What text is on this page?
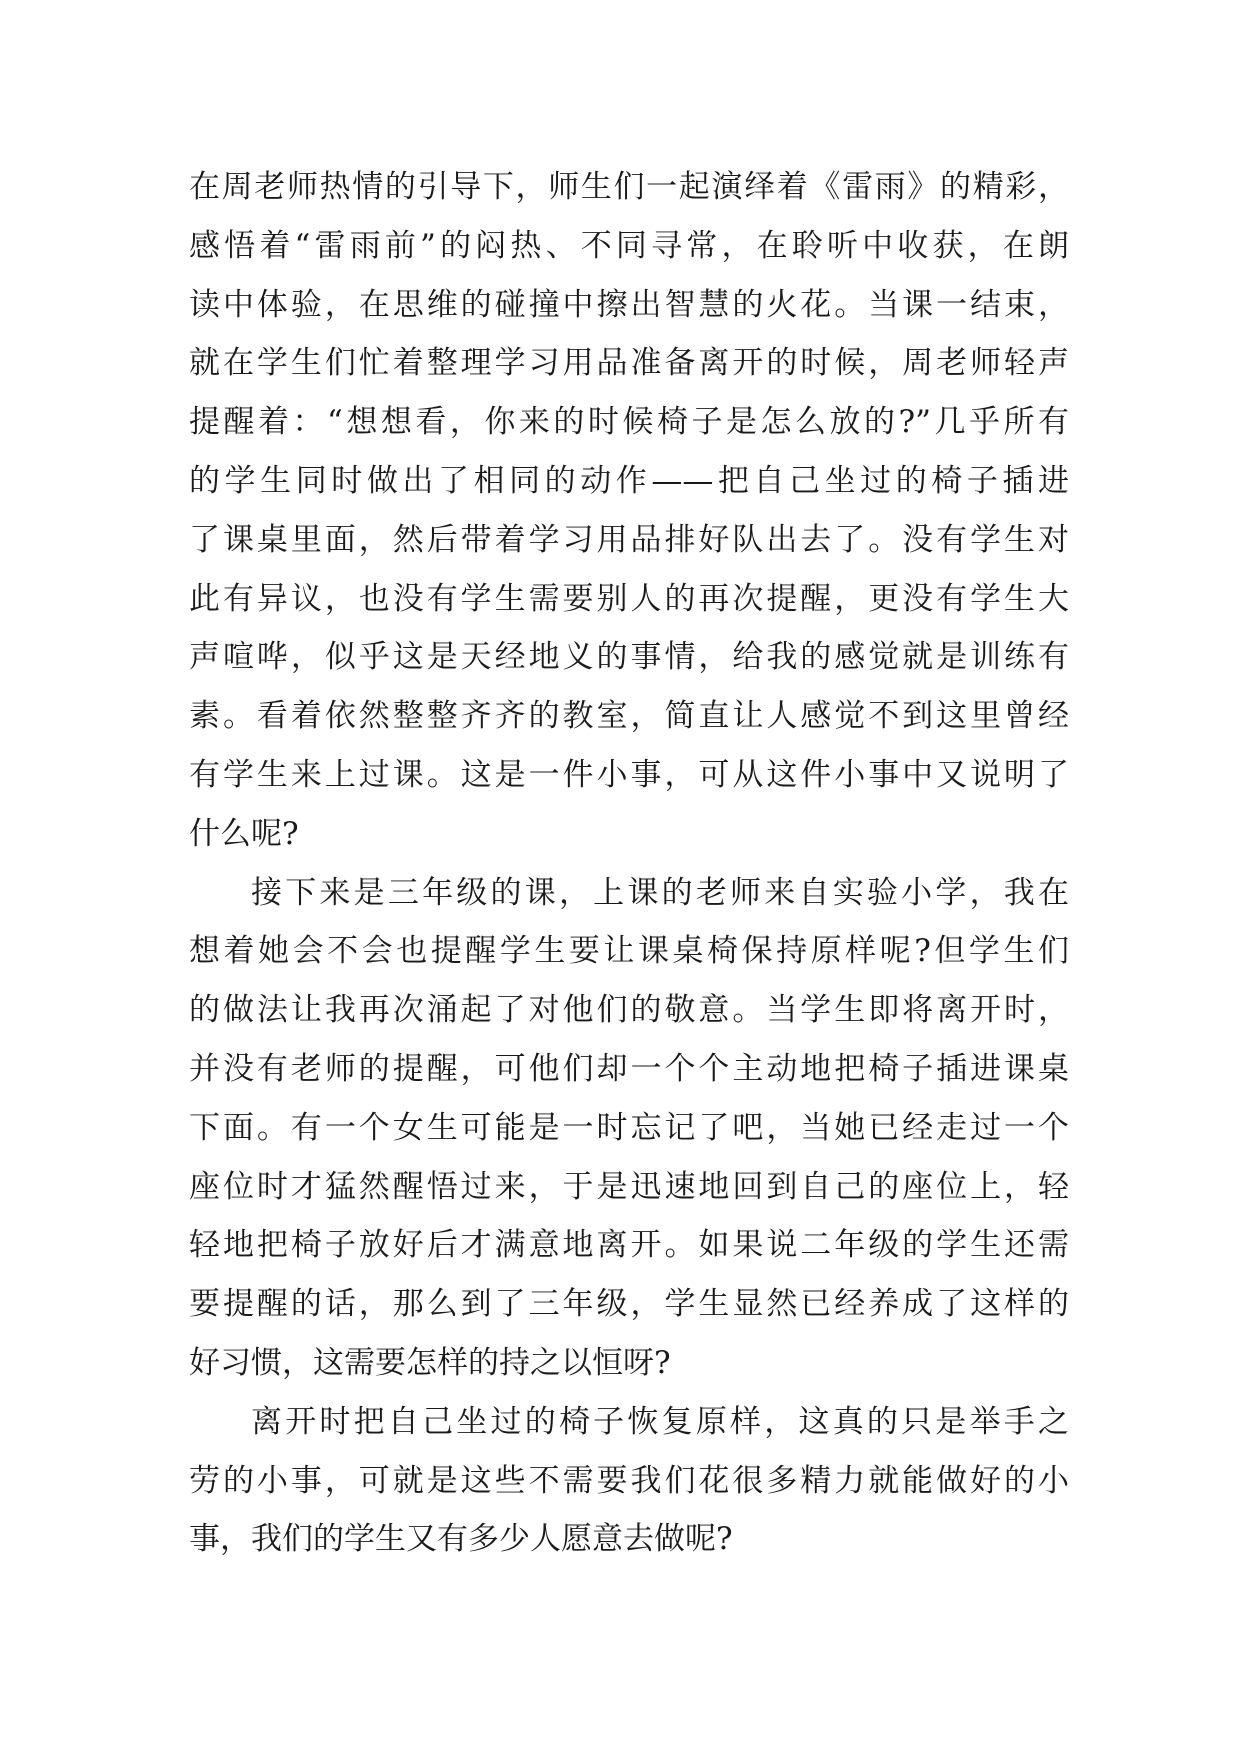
在周老师热情的引导下，师生们一起演绎着《雷雨》的精彩，
感悟着“雷雨前”的闷热、不同寻常，在聆听中收获，在朗
读中体验，在思维的碰撞中擦出智慧的火花。当课一结束，
就在学生们忙着整理学习用品准备离开的时候，周老师轻声
提醒着：“想想看，你来的时候椅子是怎么放的?”几乎所有
的学生同时做出了相同的动作——把自己坐过的椅子插进
了课桌里面，然后带着学习用品排好队出去了。没有学生对
此有异议，也没有学生需要别人的再次提醒，更没有学生大
声喧哗，似乎这是天经地义的事情，给我的感觉就是训练有
素。看着依然整整齐齐的教室，简直让人感觉不到这里曾经
有学生来上过课。这是一件小事，可从这件小事中又说明了
什么呢?
接下来是三年级的课，上课的老师来自实验小学，我在
想着她会不会也提醒学生要让课桌椅保持原样呢?但学生们
的做法让我再次涌起了对他们的敬意。当学生即将离开时，
并没有老师的提醒，可他们却一个个主动地把椅子插进课桌
下面。有一个女生可能是一时忘记了吧，当她已经走过一个
座位时才猛然醒悟过来，于是迅速地回到自己的座位上，轻
轻地把椅子放好后才满意地离开。如果说二年级的学生还需
要提醒的话，那么到了三年级，学生显然已经养成了这样的
好习惯，这需要怎样的持之以恒呀?
离开时把自己坐过的椅子恢复原样，这真的只是举手之
劳的小事，可就是这些不需要我们花很多精力就能做好的小
事，我们的学生又有多少人愿意去做呢?
